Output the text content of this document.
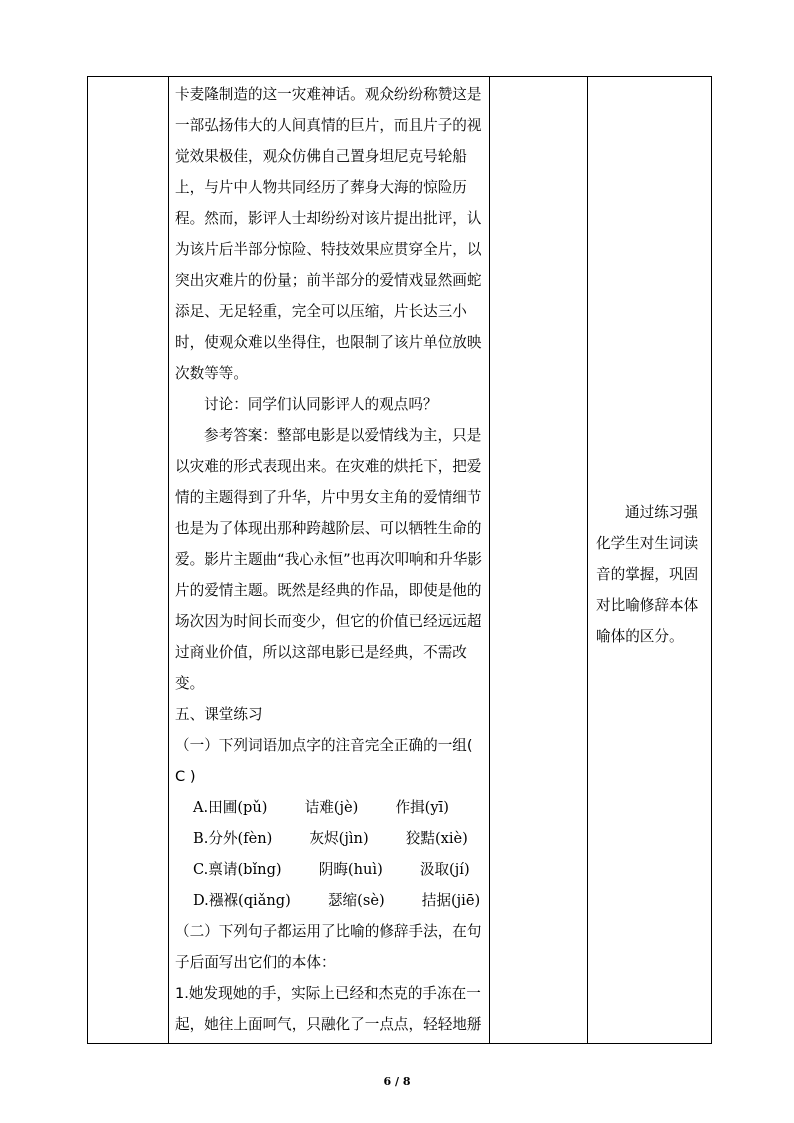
卡麦隆制造的这一灾难神话。观众纷纷称赞这是一部弘扬伟大的人间真情的巨片，而且片子的视觉效果极佳，观众仿佛自己置身坦尼克号轮船上，与片中人物共同经历了葬身大海的惊险历程。然而，影评人士却纷纷对该片提出批评，认为该片后半部分惊险、特技效果应贯穿全片，以突出灾难片的份量；前半部分的爱情戏显然画蛇添足、无足轻重，完全可以压缩，片长达三小时，使观众难以坐得住，也限制了该片单位放映次数等等。

讨论：同学们认同影评人的观点吗？

参考答案：整部电影是以爱情线为主，只是以灾难的形式表现出来。在灾难的烘托下，把爱情的主题得到了升华，片中男女主角的爱情细节也是为了体现出那种跨越阶层、可以牺牲生命的爱。影片主题曲“我心永恒”也再次叩响和升华影片的爱情主题。既然是经典的作品，即使是他的场次因为时间长而变少，但它的价值已经远远超过商业价值，所以这部电影已是经典，不需改变。

五、课堂练习

（一）下列词语加点字的注音完全正确的一组( C )

A.田圃(pǔ)        诘难(jè)        作揖(yī)

B.分外(fèn)        灰烬(jìn)        狡黠(xiè)

C.禀请(bǐng)        阴晦(huì)        汲取(jí)

D.襁褓(qiǎng)        瑟缩(sè)        拮据(jiē)

（二）下列句子都运用了比喻的修辞手法，在句子后面写出它们的本体：

1.她发现她的手，实际上已经和杰克的手冻在一起，她往上面呵气，只融化了一点点，轻轻地掰

通过练习强化学生对生词读音的掌握，巩固对比喻修辞本体喻体的区分。

6 / 8
